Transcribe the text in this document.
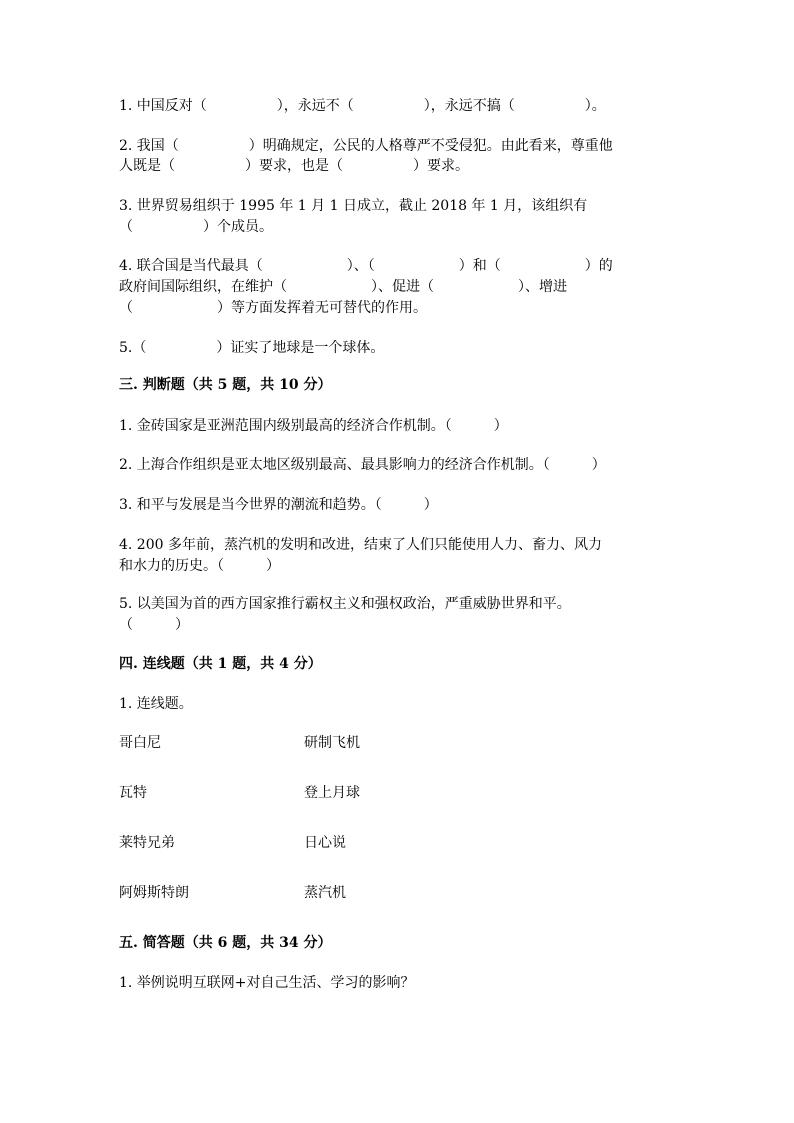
1. 中国反对（　　　　　），永远不（　　　　　），永远不搞（　　　　　）。
2. 我国（　　　　　）明确规定，公民的人格尊严不受侵犯。由此看来，尊重他
人既是（　　　　　）要求，也是（　　　　　）要求。
3. 世界贸易组织于 1995 年 1 月 1 日成立，截止 2018 年 1 月，该组织有
（　　　　　）个成员。
4. 联合国是当代最具（　　　　　　）、（　　　　　　）和（　　　　　　）的
政府间国际组织，在维护（　　　　　　）、促进（　　　　　　）、增进
（　　　　　　）等方面发挥着无可替代的作用。
5.（　　　　　）证实了地球是一个球体。
三. 判断题（共 5 题，共 10 分）
1. 金砖国家是亚洲范围内级别最高的经济合作机制。（　　　）
2. 上海合作组织是亚太地区级别最高、最具影响力的经济合作机制。（　　　）
3. 和平与发展是当今世界的潮流和趋势。（　　　）
4. 200 多年前，蒸汽机的发明和改进，结束了人们只能使用人力、畜力、风力
和水力的历史。（　　　）
5. 以美国为首的西方国家推行霸权主义和强权政治，严重威胁世界和平。
（　　　）
四. 连线题（共 1 题，共 4 分）
1. 连线题。
哥白尼	研制飞机
瓦特	登上月球
莱特兄弟	日心说
阿姆斯特朗	蒸汽机
五. 简答题（共 6 题，共 34 分）
1. 举例说明互联网+对自己生活、学习的影响？
